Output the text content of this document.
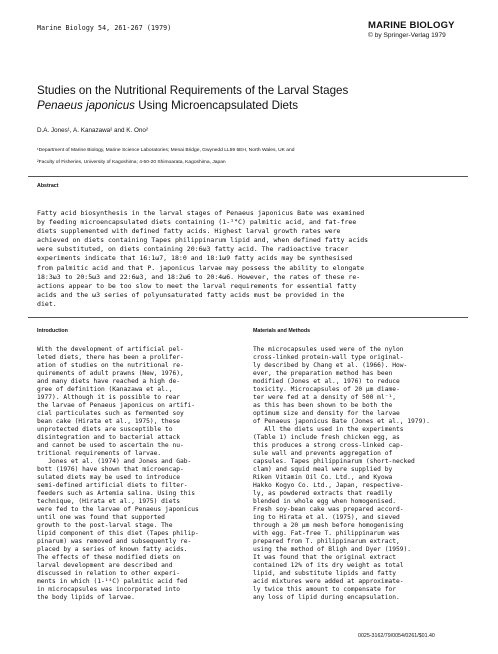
Marine Biology 54, 261-267 (1979)	MARINE BIOLOGY
© by Springer-Verlag 1979
Studies on the Nutritional Requirements of the Larval Stages
Penaeus japonicus Using Microencapsulated Diets
D.A. Jones¹, A. Kanazawa² and K. Ono²
¹Department of Marine Biology, Marine Science Laboratories; Menai Bridge, Gwynedd LL59 5EH, North Wales, UK and
²Faculty of Fisheries, University of Kagoshima; 4-50-20 Shimoarata, Kagoshima, Japan
Abstract
Fatty acid biosynthesis in the larval stages of Penaeus japonicus Bate was examined
by feeding microencapsulated diets containing (1-¹⁴C) palmitic acid, and fat-free
diets supplemented with defined fatty acids. Highest larval growth rates were
achieved on diets containing Tapes philippinarum lipid and, when defined fatty acids
were substituted, on diets containing 20:6ω3 fatty acid. The radioactive tracer
experiments indicate that 16:1ω7, 18:0 and 18:1ω9 fatty acids may be synthesised
from palmitic acid and that P. japonicus larvae may possess the ability to elongate
18:3ω3 to 20:5ω3 and 22:6ω3, and 18:2ω6 to 20:4ω6. However, the rates of these re-
actions appear to be too slow to meet the larval requirements for essential fatty
acids and the ω3 series of polyunsaturated fatty acids must be provided in the
diet.
Introduction	Materials and Methods
With the development of artificial pel-
leted diets, there has been a prolifer-
ation of studies on the nutritional re-
quirements of adult prawns (New, 1976),
and many diets have reached a high de-
gree of definition (Kanazawa et al.,
1977). Although it is possible to rear
the larvae of Penaeus japonicus on artifi-
cial particulates such as fermented soy
bean cake (Hirata et al., 1975), these
unprotected diets are susceptible to
disintegration and to bacterial attack
and cannot be used to ascertain the nu-
tritional requirements of larvae.
Jones et al. (1974) and Jones and Gab-
bott (1976) have shown that microencap-
sulated diets may be used to introduce
semi-defined artificial diets to filter-
feeders such as Artemia salina. Using this
technique, (Hirata et al., 1975) diets
were fed to the larvae of Penaeus japonicus
until one was found that supported
growth to the post-larval stage. The
lipid component of this diet (Tapes philip-
pinarum) was removed and subsequently re-
placed by a series of known fatty acids.
The effects of these modified diets on
larval development are described and
discussed in relation to other experi-
ments in which (1-¹⁴C) palmitic acid fed
in microcapsules was incorporated into
the body lipids of larvae.
The microcapsules used were of the nylon
cross-linked protein-wall type original-
ly described by Chang et al. (1966). How-
ever, the preparation method has been
modified (Jones et al., 1976) to reduce
toxicity. Microcapsules of 20 μm diame-
ter were fed at a density of 500 ml⁻¹,
as this has been shown to be both the
optimum size and density for the larvae
of Penaeus japonicus Bate (Jones et al., 1979).
All the diets used in the experiments
(Table 1) include fresh chicken egg, as
this produces a strong cross-linked cap-
sule wall and prevents aggregation of
capsules. Tapes philippinarum (short-necked
clam) and squid meal were supplied by
Riken Vitamin Oil Co. Ltd., and Kyowa
Hakko Kogyo Co. Ltd., Japan, respective-
ly, as powdered extracts that readily
blended in whole egg when homogenised.
Fresh soy-bean cake was prepared accord-
ing to Hirata et al. (1975), and sieved
through a 20 μm mesh before homogenising
with egg. Fat-free T. philippinarum was
prepared from T. philippinarum extract,
using the method of Bligh and Dyer (1959).
It was found that the original extract
contained 12% of its dry weight as total
lipid, and substitute lipids and fatty
acid mixtures were added at approximate-
ly twice this amount to compensate for
any loss of lipid during encapsulation.
0025-3162/79/0054/0261/$01.40
